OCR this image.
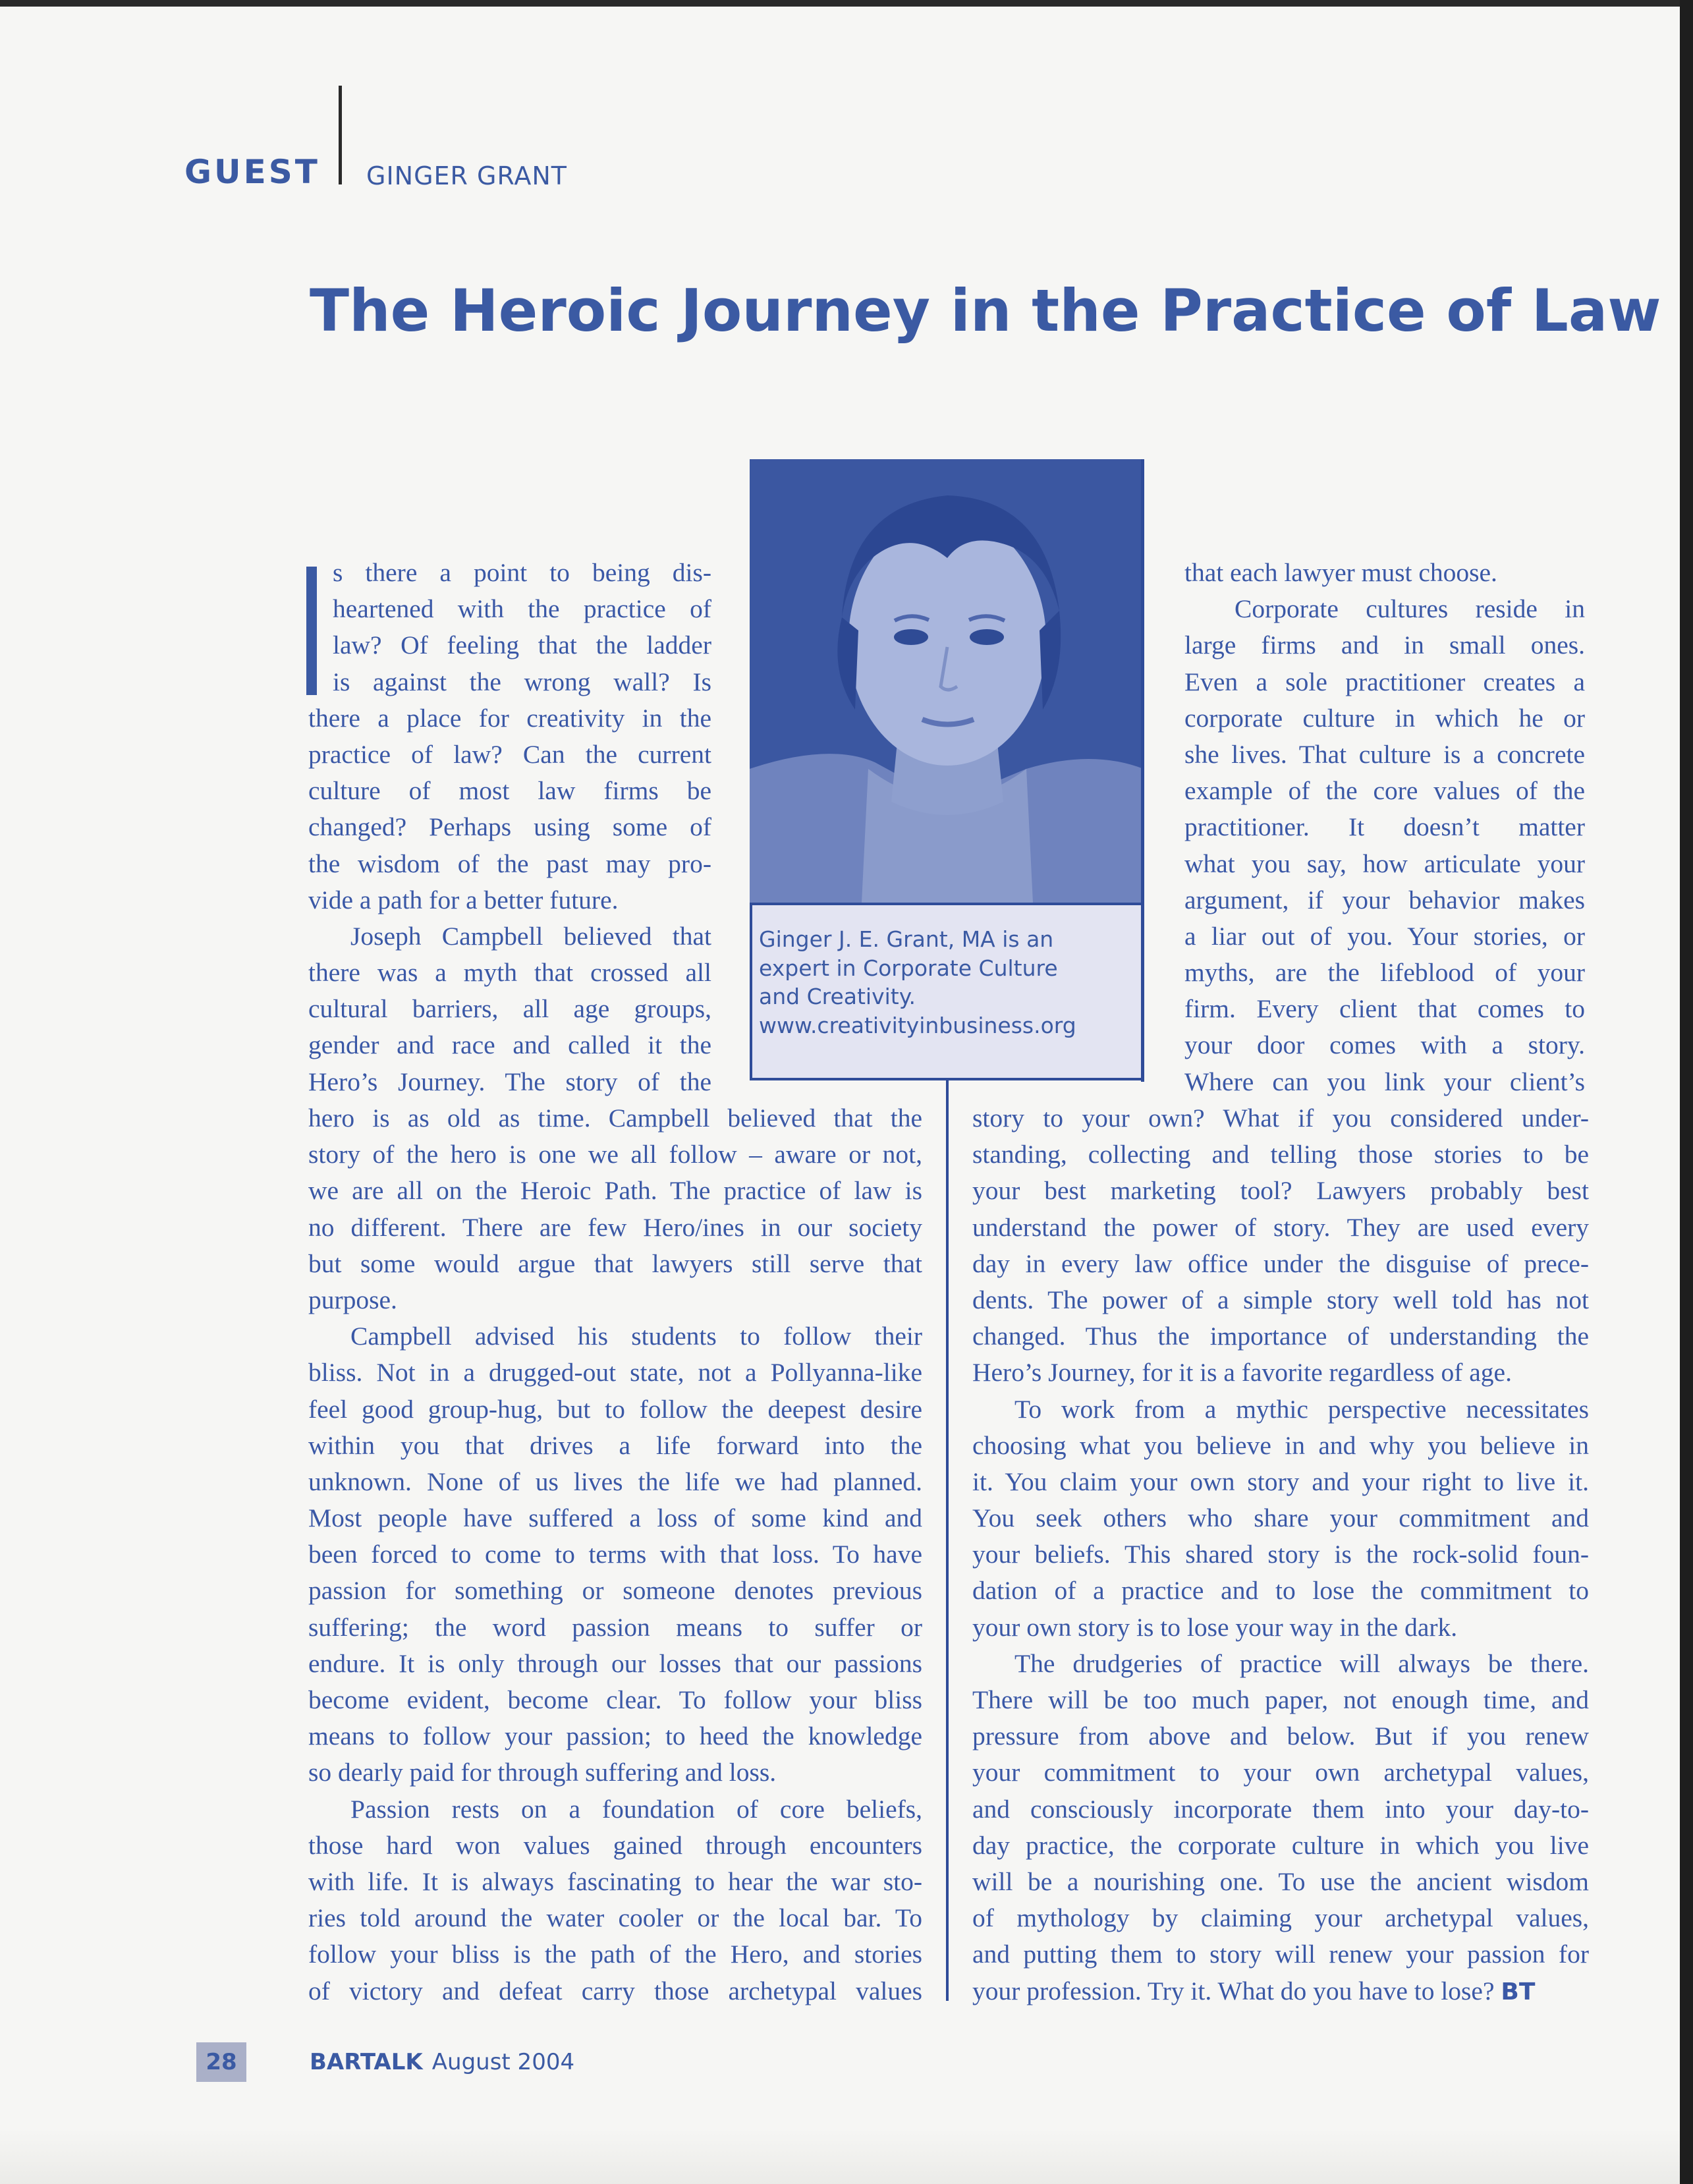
GUEST GINGER GRANT
The Heroic Journey in the Practice of Law
Ginger J. E. Grant, MA is an
expert in Corporate Culture
and Creativity.
www.creativityinbusiness.org
s there a point to being dis-
heartened with the practice of
law? Of feeling that the ladder
is against the wrong wall? Is
there a place for creativity in the
practice of law? Can the current
culture of most law firms be
changed? Perhaps using some of
the wisdom of the past may pro-
vide a path for a better future.
Joseph Campbell believed that
there was a myth that crossed all
cultural barriers, all age groups,
gender and race and called it the
Hero’s Journey. The story of the
hero is as old as time. Campbell believed that the
story of the hero is one we all follow – aware or not,
we are all on the Heroic Path. The practice of law is
no different. There are few Hero/ines in our society
but some would argue that lawyers still serve that
purpose.
Campbell advised his students to follow their
bliss. Not in a drugged-out state, not a Pollyanna-like
feel good group-hug, but to follow the deepest desire
within you that drives a life forward into the
unknown. None of us lives the life we had planned.
Most people have suffered a loss of some kind and
been forced to come to terms with that loss. To have
passion for something or someone denotes previous
suffering; the word passion means to suffer or
endure. It is only through our losses that our passions
become evident, become clear. To follow your bliss
means to follow your passion; to heed the knowledge
so dearly paid for through suffering and loss.
Passion rests on a foundation of core beliefs,
those hard won values gained through encounters
with life. It is always fascinating to hear the war sto-
ries told around the water cooler or the local bar. To
follow your bliss is the path of the Hero, and stories
of victory and defeat carry those archetypal values
that each lawyer must choose.
Corporate cultures reside in
large firms and in small ones.
Even a sole practitioner creates a
corporate culture in which he or
she lives. That culture is a concrete
example of the core values of the
practitioner. It doesn’t matter
what you say, how articulate your
argument, if your behavior makes
a liar out of you. Your stories, or
myths, are the lifeblood of your
firm. Every client that comes to
your door comes with a story.
Where can you link your client’s
story to your own? What if you considered under-
standing, collecting and telling those stories to be
your best marketing tool? Lawyers probably best
understand the power of story. They are used every
day in every law office under the disguise of prece-
dents. The power of a simple story well told has not
changed. Thus the importance of understanding the
Hero’s Journey, for it is a favorite regardless of age.
To work from a mythic perspective necessitates
choosing what you believe in and why you believe in
it. You claim your own story and your right to live it.
You seek others who share your commitment and
your beliefs. This shared story is the rock-solid foun-
dation of a practice and to lose the commitment to
your own story is to lose your way in the dark.
The drudgeries of practice will always be there.
There will be too much paper, not enough time, and
pressure from above and below. But if you renew
your commitment to your own archetypal values,
and consciously incorporate them into your day-to-
day practice, the corporate culture in which you live
will be a nourishing one. To use the ancient wisdom
of mythology by claiming your archetypal values,
and putting them to story will renew your passion for
your profession. Try it. What do you have to lose? BT
28	BARTALK August 2004
